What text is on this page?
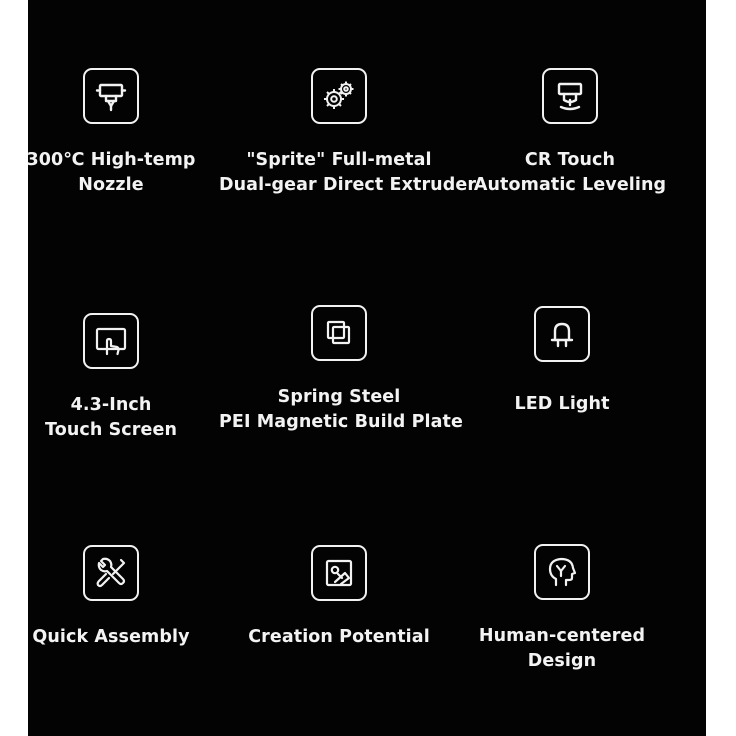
300℃ High-temp
Nozzle
"Sprite" Full-metal
Dual-gear Direct Extruder
CR Touch
Automatic Leveling
4.3-Inch
Touch Screen
Spring Steel
PEI Magnetic Build Plate
LED Light
Quick Assembly	Creation Potential	Human-centered
Design
